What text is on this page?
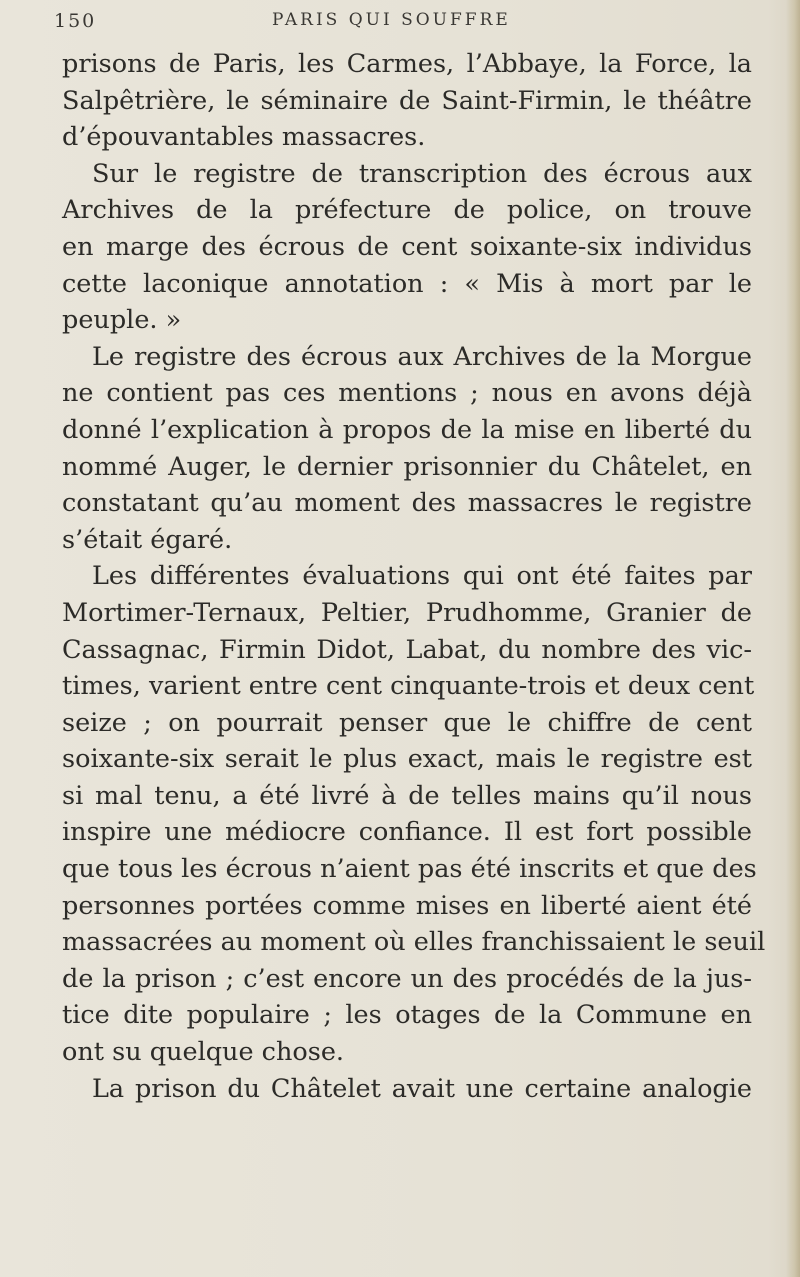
150	PARIS QUI SOUFFRE
prisons de Paris, les Carmes, l’Abbaye, la Force, la
Salpêtrière, le séminaire de Saint-Firmin, le théâtre
d’épouvantables massacres.
Sur le registre de transcription des écrous aux
Archives de la préfecture de police, on trouve
en marge des écrous de cent soixante-six individus
cette laconique annotation : « Mis à mort par le
peuple. »
Le registre des écrous aux Archives de la Morgue
ne contient pas ces mentions ; nous en avons déjà
donné l’explication à propos de la mise en liberté du
nommé Auger, le dernier prisonnier du Châtelet, en
constatant qu’au moment des massacres le registre
s’était égaré.
Les différentes évaluations qui ont été faites par
Mortimer-Ternaux, Peltier, Prudhomme, Granier de
Cassagnac, Firmin Didot, Labat, du nombre des vic-
times, varient entre cent cinquante-trois et deux cent
seize ; on pourrait penser que le chiffre de cent
soixante-six serait le plus exact, mais le registre est
si mal tenu, a été livré à de telles mains qu’il nous
inspire une médiocre confiance. Il est fort possible
que tous les écrous n’aient pas été inscrits et que des
personnes portées comme mises en liberté aient été
massacrées au moment où elles franchissaient le seuil
de la prison ; c’est encore un des procédés de la jus-
tice dite populaire ; les otages de la Commune en
ont su quelque chose.
La prison du Châtelet avait une certaine analogie
